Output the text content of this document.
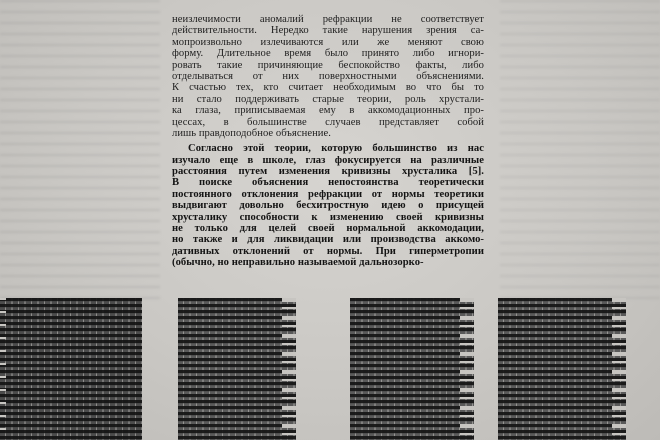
неизлечимости аномалий рефракции не соответствует
действительности. Нередко такие нарушения зрения са-
мопроизвольно излечиваются или же меняют свою
форму. Длительное время было принято либо игнори-
ровать такие причиняющие беспокойство факты, либо
отделываться от них поверхностными объяснениями.
К счастью тех, кто считает необходимым во что бы то
ни стало поддерживать старые теории, роль хрустали-
ка глаза, приписываемая ему в аккомодационных про-
цессах, в большинстве случаев представляет собой
лишь правдоподобное объяснение.
Согласно этой теории, которую большинство из нас
изучало еще в школе, глаз фокусируется на различные
расстояния путем изменения кривизны хрусталика [5].
В поиске объяснения непостоянства теоретически
постоянного отклонения рефракции от нормы теоретики
выдвигают довольно бесхитростную идею о присущей
хрусталику способности к изменению своей кривизны
не только для целей своей нормальной аккомодации,
но также и для ликвидации или производства аккомо-
дативных отклонений от нормы. При гиперметропии
(обычно, но неправильно называемой дальнозорко-
